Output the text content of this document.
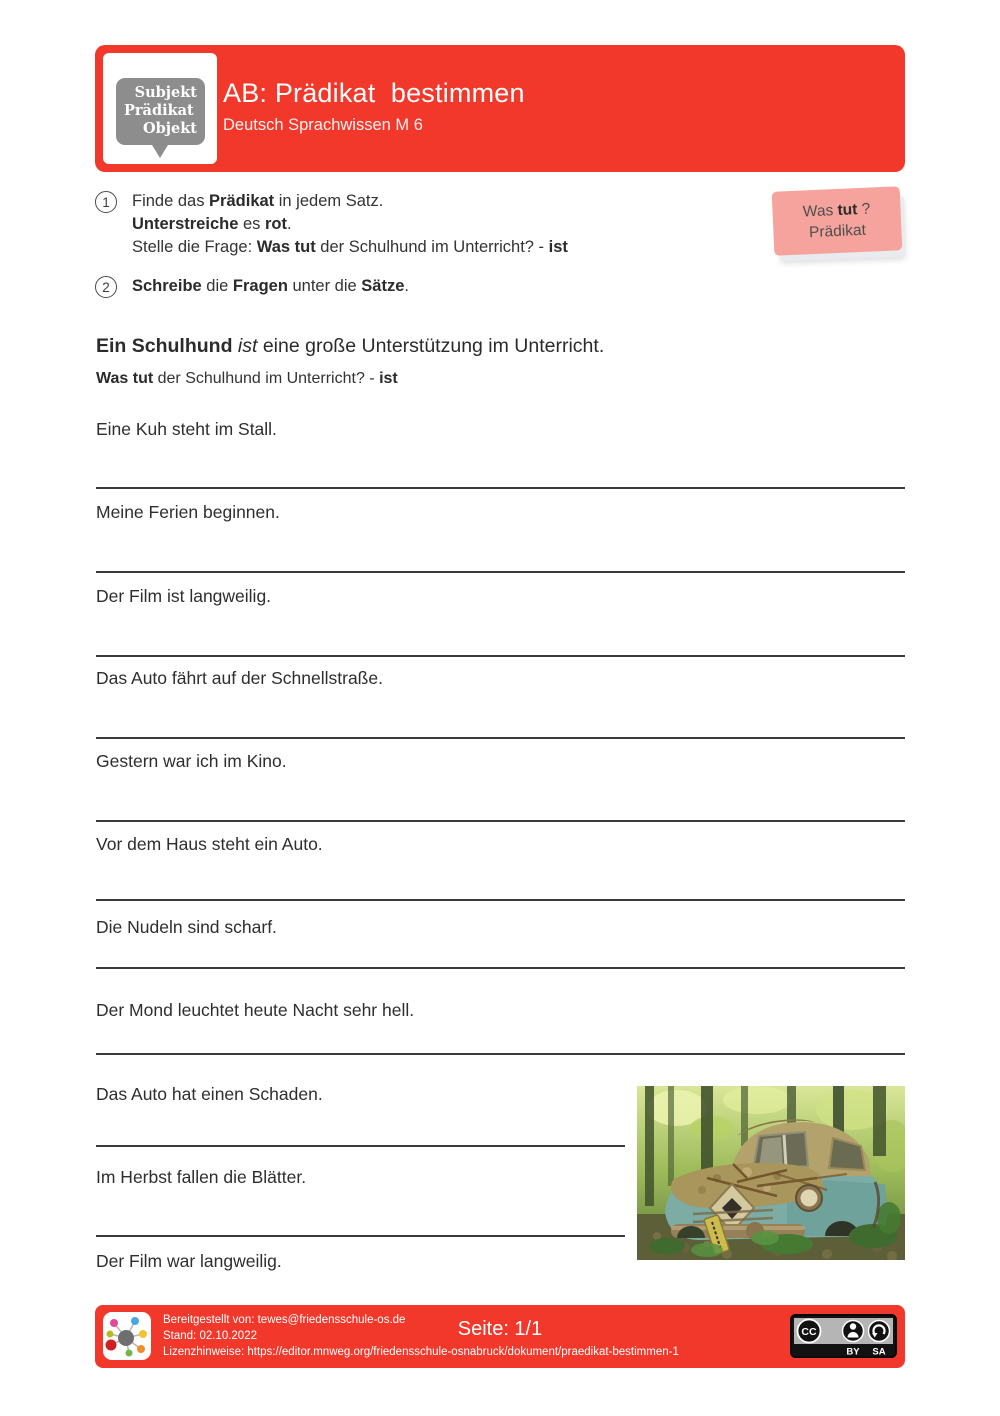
Subjekt
Prädikat
Objekt
AB: Prädikat  bestimmen
Deutsch Sprachwissen M 6
Was tut ?
Prädikat
1	Finde das Prädikat in jedem Satz.
Unterstreiche es rot.
Stelle die Frage: Was tut der Schulhund im Unterricht? - ist
2	Schreibe die Fragen unter die Sätze.
Ein Schulhund ist eine große Unterstützung im Unterricht.
Was tut der Schulhund im Unterricht? - ist
Eine Kuh steht im Stall.
Meine Ferien beginnen.
Der Film ist langweilig.
Das Auto fährt auf der Schnellstraße.
Gestern war ich im Kino.
Vor dem Haus steht ein Auto.
Die Nudeln sind scharf.
Der Mond leuchtet heute Nacht sehr hell.
Das Auto hat einen Schaden.
Im Herbst fallen die Blätter.
Der Film war langweilig.
Bereitgestellt von: tewes@friedensschule-os.de
Stand: 02.10.2022
Lizenzhinweise: https://editor.mnweg.org/friedensschule-osnabruck/dokument/praedikat-bestimmen-1
Seite: 1/1	CC
BY SA
